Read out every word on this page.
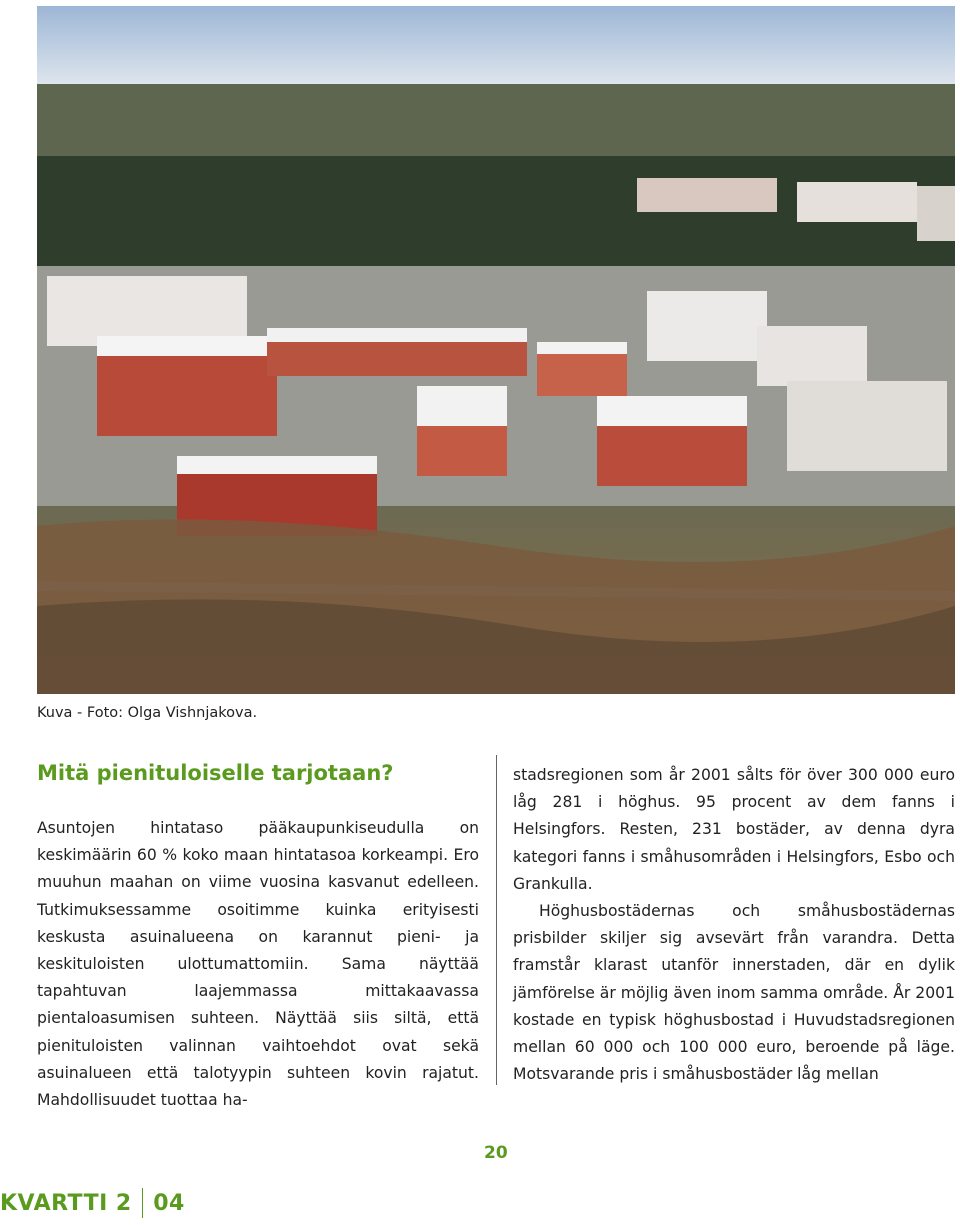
Kuva - Foto: Olga Vishnjakova.
Mitä pienituloiselle tarjotaan?

Asuntojen hintataso pääkaupunkiseudulla on keskimäärin 60 % koko maan hintatasoa korkeampi. Ero muuhun maahan on viime vuosina kasvanut edelleen. Tutkimuksessamme osoitimme kuinka erityisesti keskusta asuinalueena on karannut pieni- ja keskituloisten ulottumattomiin. Sama näyttää tapahtuvan laajemmassa mittakaavassa pientaloasumisen suhteen. Näyttää siis siltä, että pienituloisten valinnan vaihtoehdot ovat sekä asuinalueen että talotyypin suhteen kovin rajatut. Mahdollisuudet tuottaa ha-

stadsregionen som år 2001 sålts för över 300 000 euro låg 281 i höghus. 95 procent av dem fanns i Helsingfors. Resten, 231 bostäder, av denna dyra kategori fanns i småhusområden i Helsingfors, Esbo och Grankulla.

Höghusbostädernas och småhusbostädernas prisbilder skiljer sig avsevärt från varandra. Detta framstår klarast utanför innerstaden, där en dylik jämförelse är möjlig även inom samma område. År 2001 kostade en typisk höghusbostad i Huvudstadsregionen mellan 60 000 och 100 000 euro, beroende på läge. Motsvarande pris i småhusbostäder låg mellan

20
KVARTTI 2 04
